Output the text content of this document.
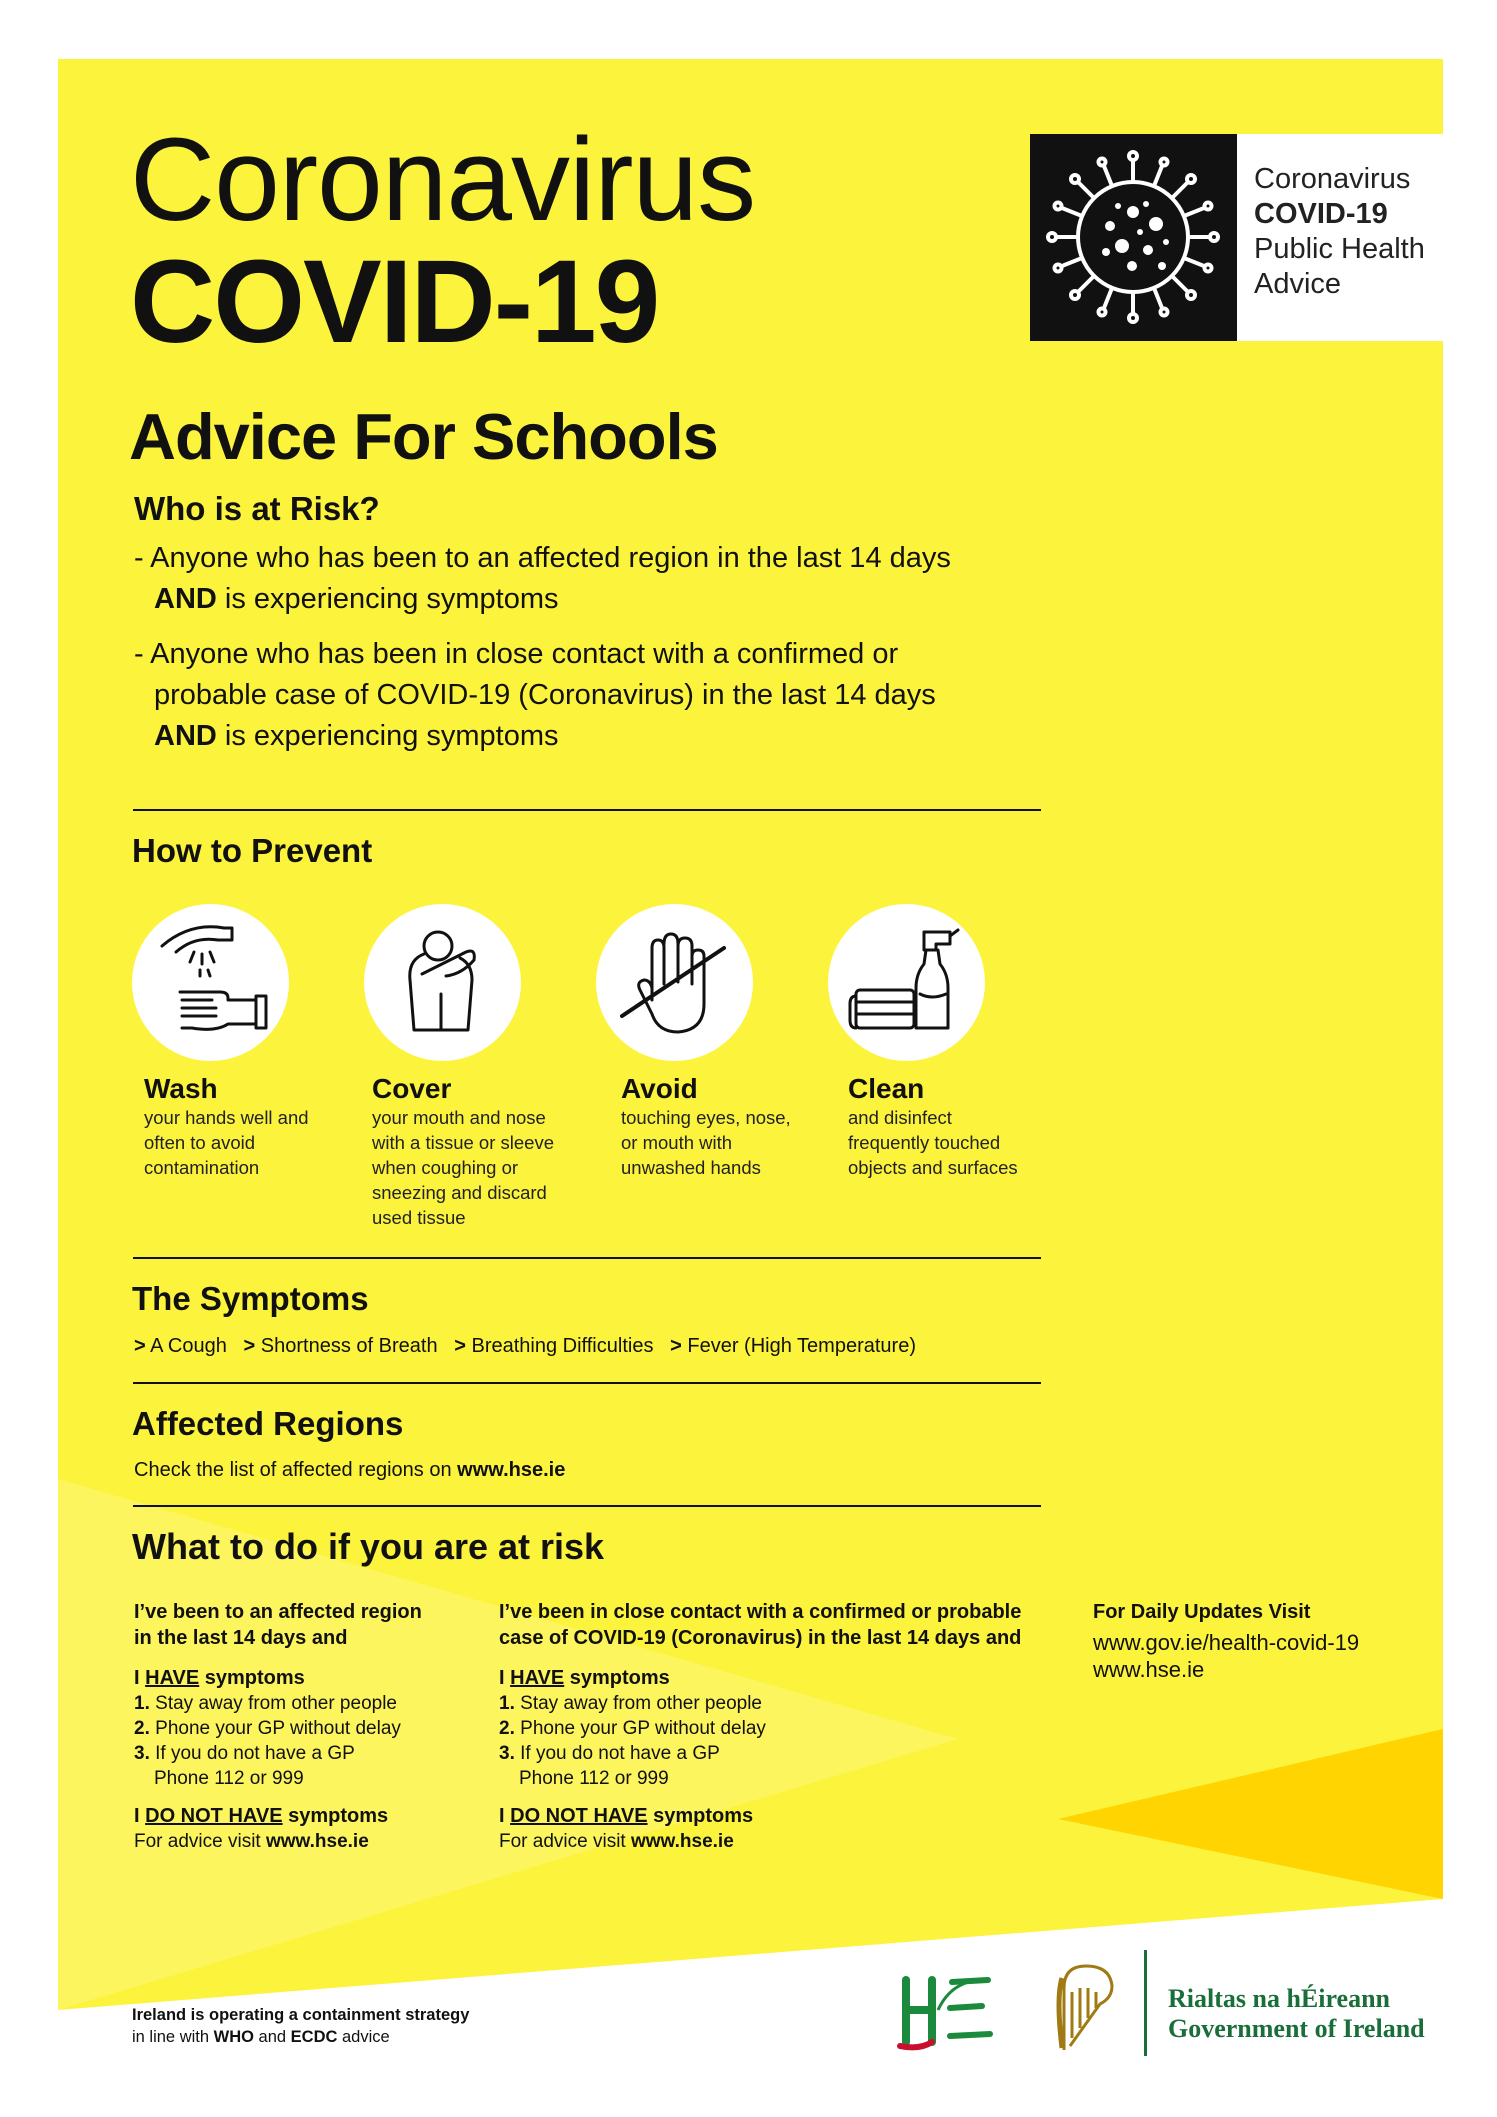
Coronavirus
COVID-19
Coronavirus
COVID-19
Public Health
Advice
Advice For Schools
Who is at Risk?
- Anyone who has been to an affected region in the last 14 days
AND is experiencing symptoms
- Anyone who has been in close contact with a confirmed or
probable case of COVID-19 (Coronavirus) in the last 14 days
AND is experiencing symptoms
How to Prevent
Wash
your hands well and
often to avoid
contamination
Cover
your mouth and nose
with a tissue or sleeve
when coughing or
sneezing and discard
used tissue
Avoid
touching eyes, nose,
or mouth with
unwashed hands
Clean
and disinfect
frequently touched
objects and surfaces
The Symptoms
> A Cough > Shortness of Breath > Breathing Difficulties > Fever (High Temperature)
Affected Regions
Check the list of affected regions on www.hse.ie
What to do if you are at risk
I’ve been to an affected region
in the last 14 days and
I HAVE symptoms
1. Stay away from other people
2. Phone your GP without delay
3. If you do not have a GP
Phone 112 or 999
I DO NOT HAVE symptoms
For advice visit www.hse.ie
I’ve been in close contact with a confirmed or probable
case of COVID-19 (Coronavirus) in the last 14 days and
I HAVE symptoms
1. Stay away from other people
2. Phone your GP without delay
3. If you do not have a GP
Phone 112 or 999
I DO NOT HAVE symptoms
For advice visit www.hse.ie
For Daily Updates Visit
www.gov.ie/health-covid-19
www.hse.ie
Ireland is operating a containment strategy
in line with WHO and ECDC advice
Rialtas na hÉireann
Government of Ireland
